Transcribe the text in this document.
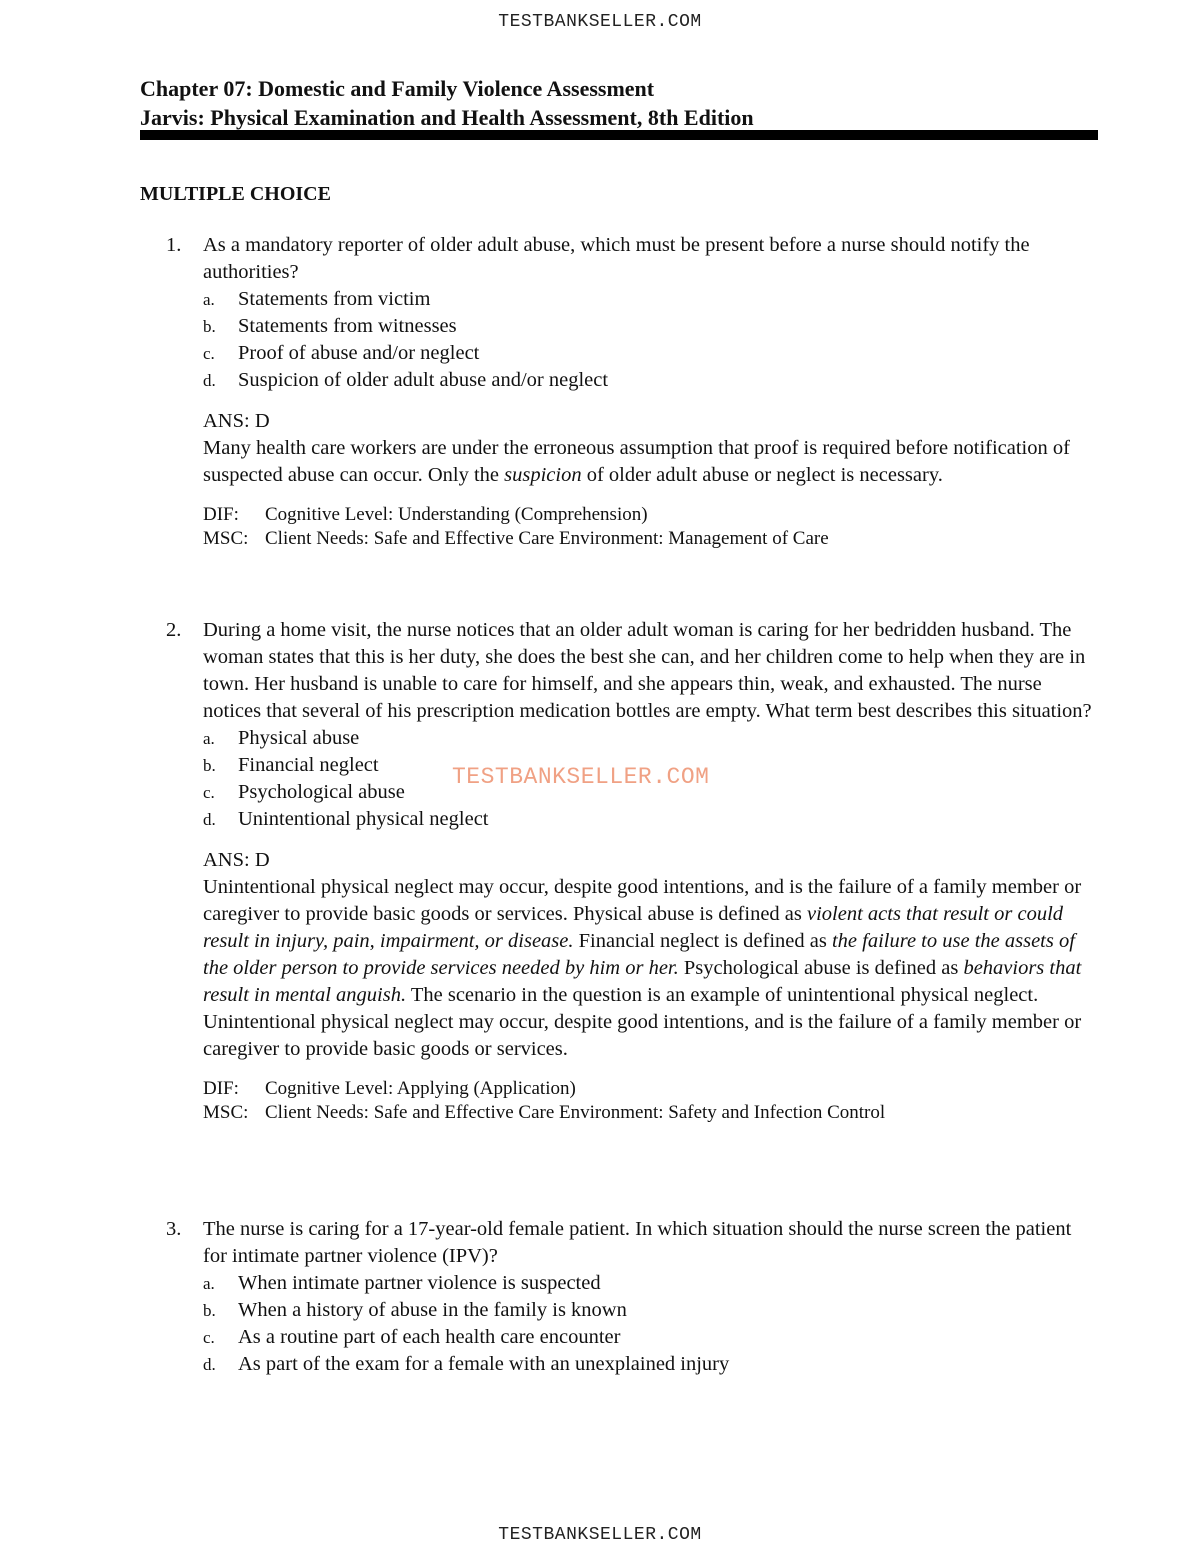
TESTBANKSELLER.COM
Chapter 07: Domestic and Family Violence Assessment
Jarvis: Physical Examination and Health Assessment, 8th Edition
MULTIPLE CHOICE
1. As a mandatory reporter of older adult abuse, which must be present before a nurse should notify the authorities?
a. Statements from victim
b. Statements from witnesses
c. Proof of abuse and/or neglect
d. Suspicion of older adult abuse and/or neglect
ANS: D
Many health care workers are under the erroneous assumption that proof is required before notification of suspected abuse can occur. Only the suspicion of older adult abuse or neglect is necessary.
DIF: Cognitive Level: Understanding (Comprehension)
MSC: Client Needs: Safe and Effective Care Environment: Management of Care
2. During a home visit, the nurse notices that an older adult woman is caring for her bedridden husband. The woman states that this is her duty, she does the best she can, and her children come to help when they are in town. Her husband is unable to care for himself, and she appears thin, weak, and exhausted. The nurse notices that several of his prescription medication bottles are empty. What term best describes this situation?
a. Physical abuse
b. Financial neglect
c. Psychological abuse
d. Unintentional physical neglect
ANS: D
Unintentional physical neglect may occur, despite good intentions, and is the failure of a family member or caregiver to provide basic goods or services. Physical abuse is defined as violent acts that result or could result in injury, pain, impairment, or disease. Financial neglect is defined as the failure to use the assets of the older person to provide services needed by him or her. Psychological abuse is defined as behaviors that result in mental anguish. The scenario in the question is an example of unintentional physical neglect. Unintentional physical neglect may occur, despite good intentions, and is the failure of a family member or caregiver to provide basic goods or services.
DIF: Cognitive Level: Applying (Application)
MSC: Client Needs: Safe and Effective Care Environment: Safety and Infection Control
3. The nurse is caring for a 17-year-old female patient. In which situation should the nurse screen the patient for intimate partner violence (IPV)?
a. When intimate partner violence is suspected
b. When a history of abuse in the family is known
c. As a routine part of each health care encounter
d. As part of the exam for a female with an unexplained injury
TESTBANKSELLER.COM
TESTBANKSELLER.COM
